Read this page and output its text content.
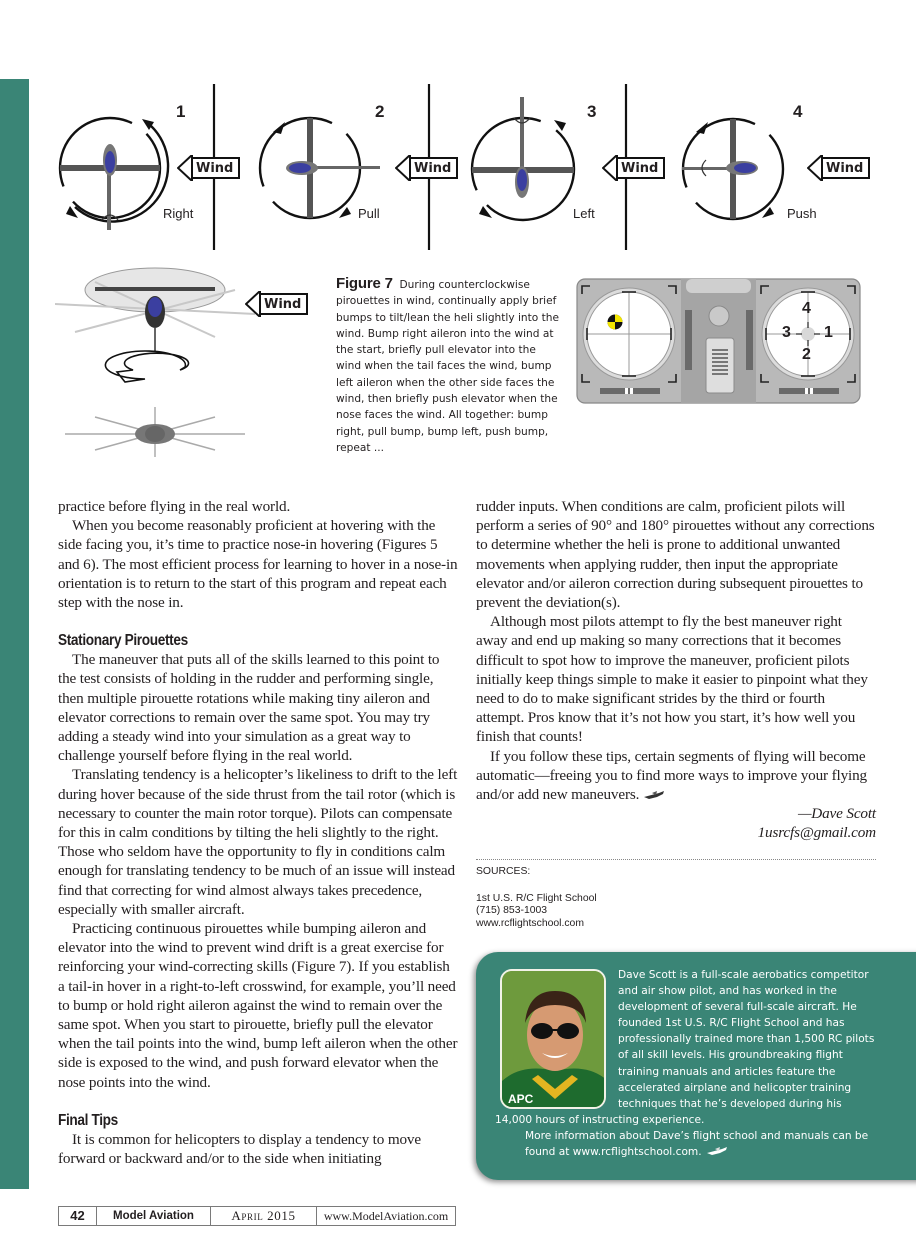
1
Right
Wind
2
Pull
Wind
3
Left
Wind
4
Push
Wind
Wind
Figure 7 During counterclockwise pirouettes in wind, continually apply brief bumps to tilt/lean the heli slightly into the wind. Bump right aileron into the wind at the start, briefly pull elevator into the wind when the tail faces the wind, bump left aileron when the other side faces the wind, then briefly push elevator when the nose faces the wind. All together: bump right, pull bump, bump left, push bump, repeat ...
4
3 1
2

practice before flying in the real world.

When you become reasonably proficient at hovering with the side facing you, it’s time to practice nose-in hovering (Figures 5 and 6). The most efficient process for learning to hover in a nose-in orientation is to return to the start of this program and repeat each step with the nose in.

Stationary Pirouettes

The maneuver that puts all of the skills learned to this point to the test consists of holding in the rudder and performing single, then multiple pirouette rotations while making tiny aileron and elevator corrections to remain over the same spot. You may try adding a steady wind into your simulation as a great way to challenge yourself before flying in the real world.

Translating tendency is a helicopter’s likeliness to drift to the left during hover because of the side thrust from the tail rotor (which is necessary to counter the main rotor torque). Pilots can compensate for this in calm conditions by tilting the heli slightly to the right. Those who seldom have the opportunity to fly in conditions calm enough for translating tendency to be much of an issue will instead find that correcting for wind almost always takes precedence, especially with smaller aircraft.

Practicing continuous pirouettes while bumping aileron and elevator into the wind to prevent wind drift is a great exercise for reinforcing your wind-correcting skills (Figure 7). If you establish a tail-in hover in a right-to-left crosswind, for example, you’ll need to bump or hold right aileron against the wind to remain over the same spot. When you start to pirouette, briefly pull the elevator when the tail points into the wind, bump left aileron when the other side is exposed to the wind, and push forward elevator when the nose points into the wind.

Final Tips

It is common for helicopters to display a tendency to move forward or backward and/or to the side when initiating

rudder inputs. When conditions are calm, proficient pilots will perform a series of 90° and 180° pirouettes without any corrections to determine whether the heli is prone to additional unwanted movements when applying rudder, then input the appropriate elevator and/or aileron correction during subsequent pirouettes to prevent the deviation(s).

Although most pilots attempt to fly the best maneuver right away and end up making so many corrections that it becomes difficult to spot how to improve the maneuver, proficient pilots initially keep things simple to make it easier to pinpoint what they need to do to make significant strides by the third or fourth attempt. Pros know that it’s not how you start, it’s how well you finish that counts!

If you follow these tips, certain segments of flying will become automatic—freeing you to find more ways to improve your flying and/or add new maneuvers.

—Dave Scott

1usrcfs@gmail.com

SOURCES:
1st U.S. R/C Flight School
(715) 853-1003
www.rcflightschool.com
APC
Dave Scott is a full-scale aerobatics competitor and air show pilot, and has worked in the development of several full-scale aircraft. He founded 1st U.S. R/C Flight School and has professionally trained more than 1,500 RC pilots of all skill levels. His groundbreaking flight training manuals and articles feature the accelerated airplane and helicopter training techniques that he’s developed during his 14,000 hours of instructing experience.
More information about Dave’s flight school and manuals can be found at www.rcflightschool.com.
42	Model Aviation	April 2015	www.ModelAviation.com
